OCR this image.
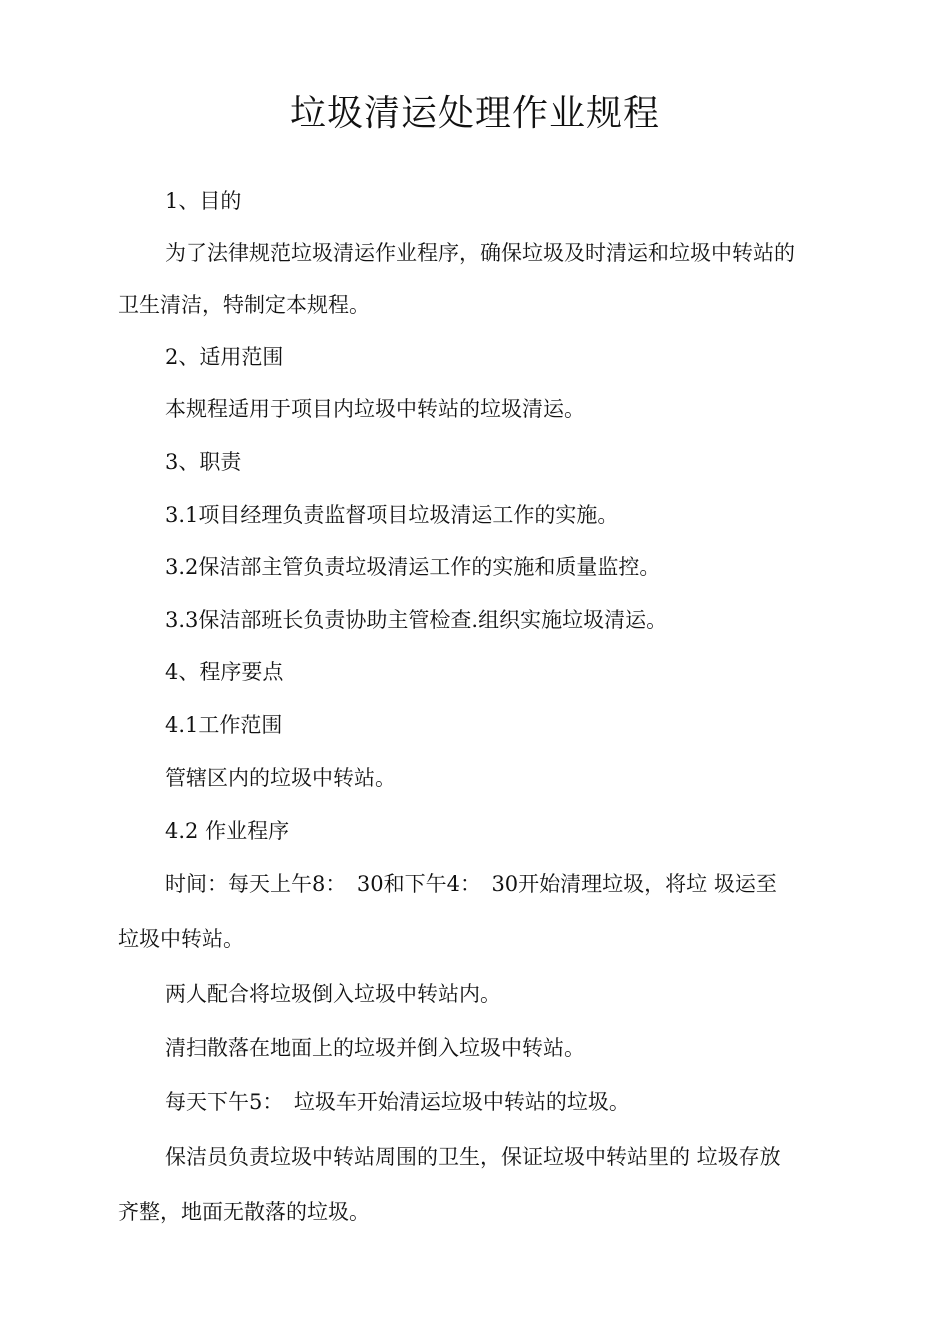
垃圾清运处理作业规程
1、目的
为了法律规范垃圾清运作业程序，确保垃圾及时清运和垃圾中转站的
卫生清洁，特制定本规程。
2、适用范围
本规程适用于项目内垃圾中转站的垃圾清运。
3、职责
3.1项目经理负责监督项目垃圾清运工作的实施。
3.2保洁部主管负责垃圾清运工作的实施和质量监控。
3.3保洁部班长负责协助主管检查.组织实施垃圾清运。
4、程序要点
4.1工作范围
管辖区内的垃圾中转站。
4.2 作业程序
时间：每天上午8：　30和下午4：　30开始清理垃圾，将垃 圾运至
垃圾中转站。
两人配合将垃圾倒入垃圾中转站内。
清扫散落在地面上的垃圾并倒入垃圾中转站。
每天下午5：　垃圾车开始清运垃圾中转站的垃圾。
保洁员负责垃圾中转站周围的卫生，保证垃圾中转站里的 垃圾存放
齐整，地面无散落的垃圾。
